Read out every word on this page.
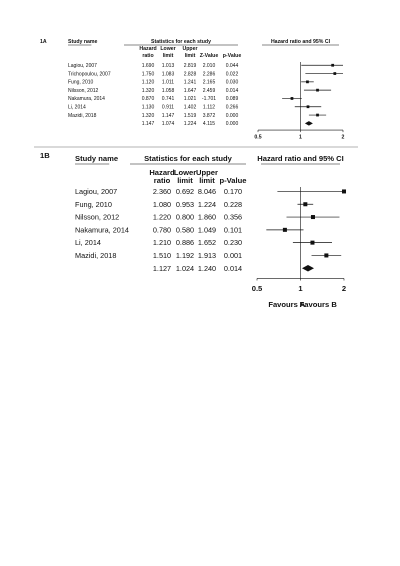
1A	Study name	Statistics for each study	Hazard ratio and 95% CI
Hazard
ratio
Lower
limit
Upper
limit Z-Value p-Value
Lagiou, 2007	1.690 1.013 2.819 2.010 0.044
Trichopoulou, 2007	1.750 1.083 2.828 2.286 0.022
Fung, 2010	1.120 1.011 1.241 2.165 0.030
Nilsson, 2012	1.320 1.058 1.647 2.459 0.014
Nakamura, 2014	0.870 0.741 1.021 -1.701 0.089
Li, 2014	1.130 0.911 1.402 1.112 0.266
Mazidi, 2018	1.320 1.147 1.519 3.872 0.000
1.147 1.074 1.224 4.115 0.000
0.5	1	2
1B	Study name	Statistics for each study	Hazard ratio and 95% CI
Hazard
ratio
Lower
limit
Upper
limit p-Value
Lagiou, 2007	2.360 0.692 8.046 0.170
Fung, 2010	1.080 0.953 1.224 0.228
Nilsson, 2012	1.220 0.800 1.860 0.356
Nakamura, 2014	0.780 0.580 1.049 0.101
Li, 2014	1.210 0.886 1.652 0.230
Mazidi, 2018	1.510 1.192 1.913 0.001
1.127 1.024 1.240 0.014
0.5	1	2
Favours A
Favours B
